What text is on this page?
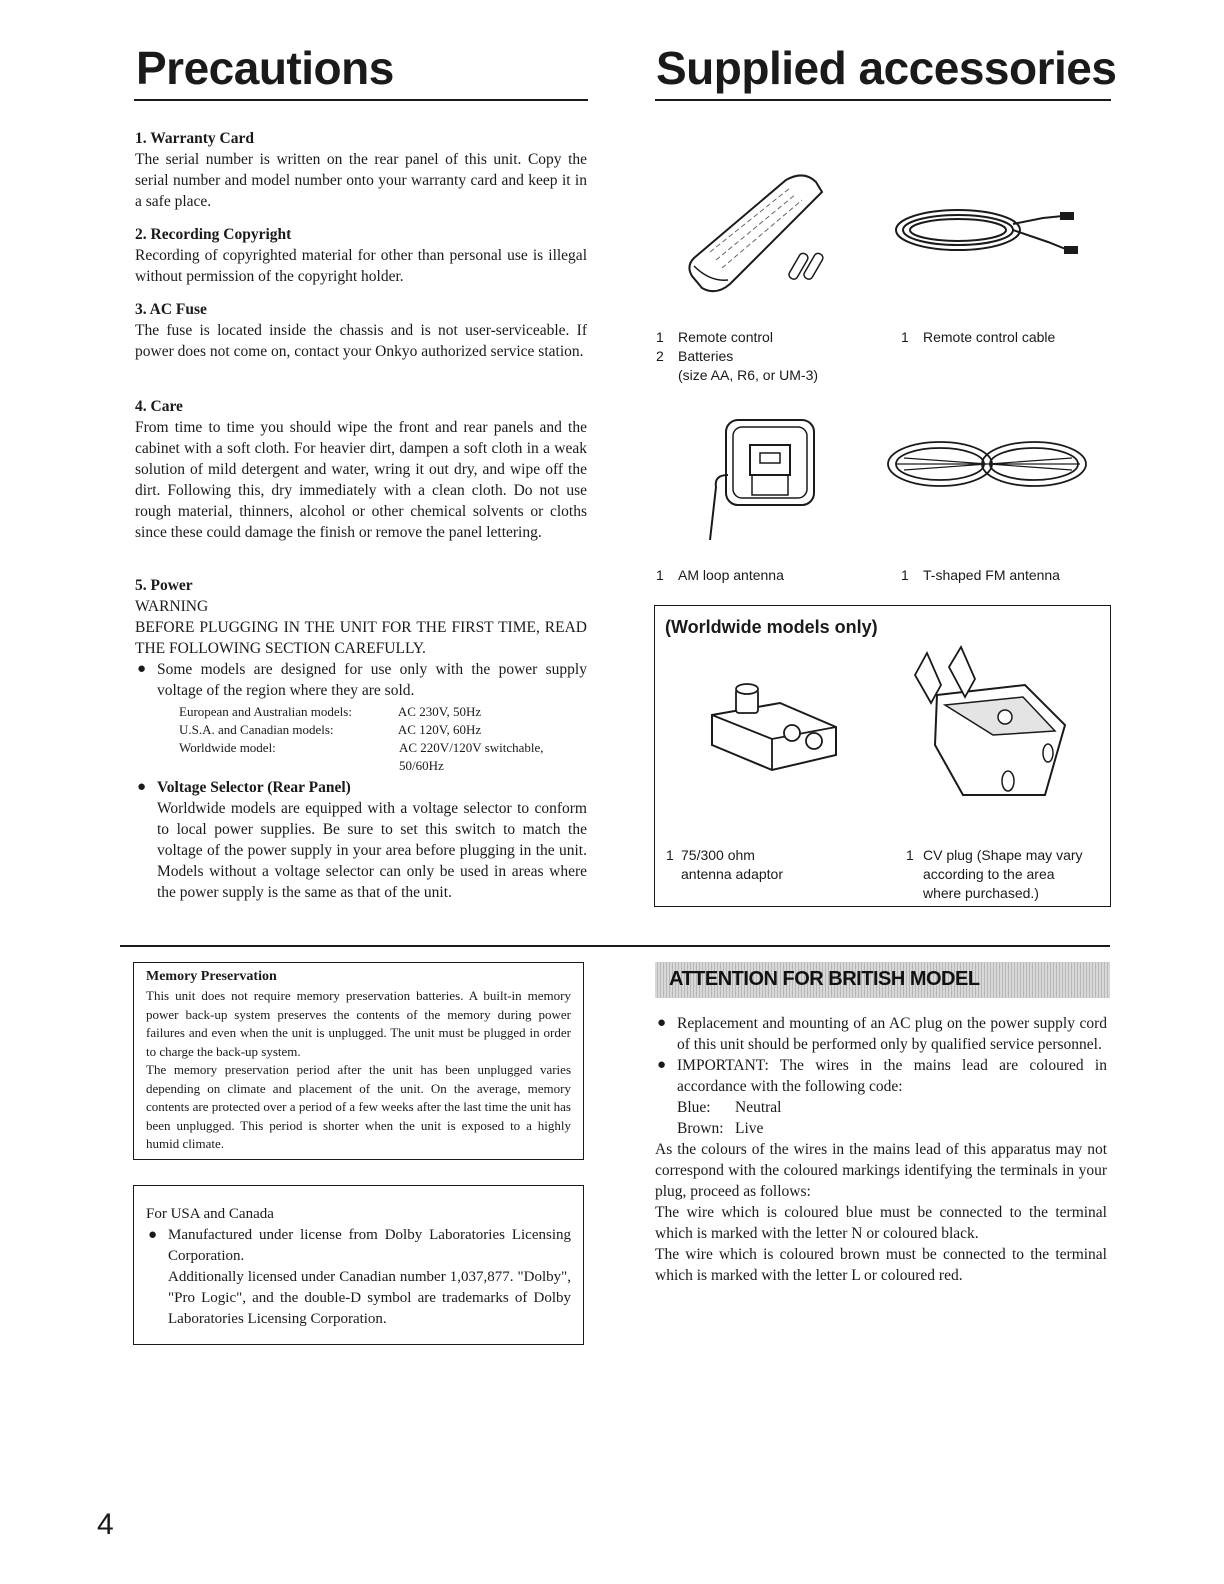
Precautions	Supplied accessories
1. Warranty Card

The serial number is written on the rear panel of this unit. Copy the serial number and model number onto your warranty card and keep it in a safe place.

2. Recording Copyright

Recording of copyrighted material for other than personal use is illegal without permission of the copyright holder.

3. AC Fuse

The fuse is located inside the chassis and is not user-serviceable. If power does not come on, contact your Onkyo authorized service station.

4. Care

From time to time you should wipe the front and rear panels and the cabinet with a soft cloth. For heavier dirt, dampen a soft cloth in a weak solution of mild detergent and water, wring it out dry, and wipe off the dirt. Following this, dry immediately with a clean cloth. Do not use rough material, thinners, alcohol or other chemical solvents or cloths since these could damage the finish or remove the panel lettering.

5. Power

WARNING

BEFORE PLUGGING IN THE UNIT FOR THE FIRST TIME, READ THE FOLLOWING SECTION CAREFULLY.

● Some models are designed for use only with the power supply voltage of the region where they are sold.

European and Australian models:	AC 230V, 50Hz
U.S.A. and Canadian models:	AC 120V, 60Hz
Worldwide model:	AC 220V/120V switchable, 50/60Hz

● Voltage Selector (Rear Panel)
Worldwide models are equipped with a voltage selector to conform to local power supplies. Be sure to set this switch to match the voltage of the power supply in your area before plugging in the unit. Models without a voltage selector can only be used in areas where the power supply is the same as that of the unit.

1 Remote control
2 Batteries
(size AA, R6, or UM-3)
1 Remote control cable
1 AM loop antenna	1 T-shaped FM antenna
(Worldwide models only)
1 75/300 ohm
antenna adaptor
1 CV plug (Shape may vary
according to the area
where purchased.)
Memory Preservation

This unit does not require memory preservation batteries. A built-in memory power back-up system preserves the contents of the memory during power failures and even when the unit is unplugged. The unit must be plugged in order to charge the back-up system.

The memory preservation period after the unit has been unplugged varies depending on climate and placement of the unit. On the average, memory contents are protected over a period of a few weeks after the last time the unit has been unplugged. This period is shorter when the unit is exposed to a highly humid climate.

For USA and Canada

● Manufactured under license from Dolby Laboratories Licensing Corporation.
Additionally licensed under Canadian number 1,037,877. "Dolby", "Pro Logic", and the double-D symbol are trademarks of Dolby Laboratories Licensing Corporation.

ATTENTION FOR BRITISH MODEL

● Replacement and mounting of an AC plug on the power supply cord of this unit should be performed only by qualified service personnel.

● IMPORTANT: The wires in the mains lead are coloured in accordance with the following code:

Blue: Neutral
Brown: Live

As the colours of the wires in the mains lead of this apparatus may not correspond with the coloured markings identifying the terminals in your plug, proceed as follows:

The wire which is coloured blue must be connected to the terminal which is marked with the letter N or coloured black.

The wire which is coloured brown must be connected to the terminal which is marked with the letter L or coloured red.

4
